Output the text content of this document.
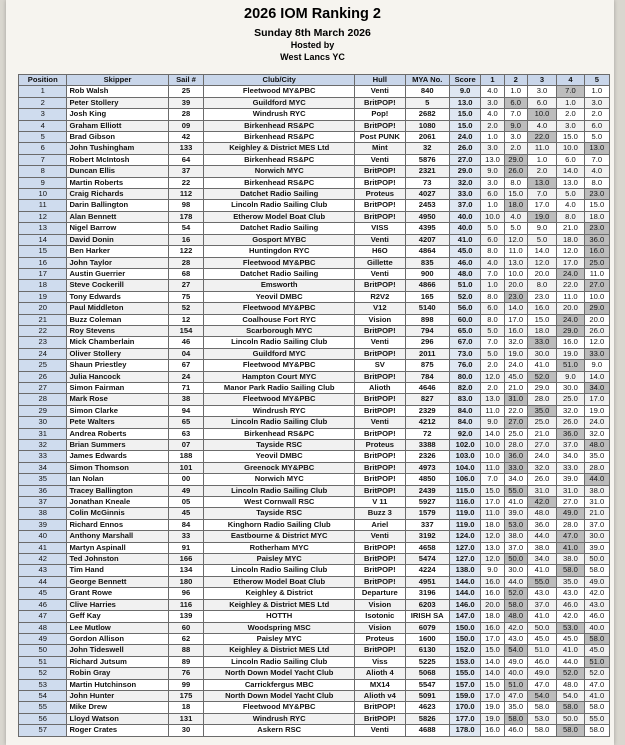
2026 IOM Ranking 2
Sunday 8th March 2026
Hosted by
West Lancs YC
Position	Skipper	Sail #	Club/City	Hull	MYA No.	Score	1	2	3	4	5
1	Rob Walsh	25	Fleetwood MY&PBC	Venti	840	9.0	4.0	1.0	3.0	7.0	1.0
2	Peter Stollery	39	Guildford MYC	BritPOP!	5	13.0	3.0	6.0	6.0	1.0	3.0
3	Josh King	28	Windrush RYC	Pop!	2682	15.0	4.0	7.0	10.0	2.0	2.0
4	Graham Elliott	09	Birkenhead RS&PC	BritPOP!	1080	15.0	2.0	9.0	4.0	3.0	6.0
5	Brad Gibson	42	Birkenhead RS&PC	Post PUNK	2061	24.0	1.0	3.0	22.0	15.0	5.0
6	John Tushingham	133	Keighley & District MES Ltd	Mint	32	26.0	3.0	2.0	11.0	10.0	13.0
7	Robert McIntosh	64	Birkenhead RS&PC	Venti	5876	27.0	13.0	29.0	1.0	6.0	7.0
8	Duncan Ellis	37	Norwich MYC	BritPOP!	2321	29.0	9.0	26.0	2.0	14.0	4.0
9	Martin Roberts	22	Birkenhead RS&PC	BritPOP!	73	32.0	3.0	8.0	13.0	13.0	8.0
10	Craig Richards	112	Datchet Radio Sailing	Proteus	4027	33.0	6.0	15.0	7.0	5.0	23.0
11	Darin Ballington	98	Lincoln Radio Sailing Club	BritPOP!	2453	37.0	1.0	18.0	17.0	4.0	15.0
12	Alan Bennett	178	Etherow Model Boat Club	BritPOP!	4950	40.0	10.0	4.0	19.0	8.0	18.0
13	Nigel Barrow	54	Datchet Radio Sailing	VISS	4395	40.0	5.0	5.0	9.0	21.0	23.0
14	David Donin	16	Gosport MYBC	Venti	4207	41.0	6.0	12.0	5.0	18.0	36.0
15	Ben Harker	122	Huntingdon RYC	H6O	4864	45.0	8.0	11.0	14.0	12.0	16.0
16	John Taylor	28	Fleetwood MY&PBC	Gillette	835	46.0	4.0	13.0	12.0	17.0	25.0
17	Austin Guerrier	68	Datchet Radio Sailing	Venti	900	48.0	7.0	10.0	20.0	24.0	11.0
18	Steve Cockerill	27	Emsworth	BritPOP!	4866	51.0	1.0	20.0	8.0	22.0	27.0
19	Tony Edwards	75	Yeovil DMBC	R2V2	165	52.0	8.0	23.0	23.0	11.0	10.0
20	Paul Middleton	52	Fleetwood MY&PBC	V12	5140	56.0	6.0	14.0	16.0	20.0	29.0
21	Buzz Coleman	12	Coalhouse Fort RYC	Vision	898	60.0	8.0	17.0	15.0	24.0	20.0
22	Roy Stevens	154	Scarborough MYC	BritPOP!	794	65.0	5.0	16.0	18.0	29.0	26.0
23	Mick Chamberlain	46	Lincoln Radio Sailing Club	Venti	296	67.0	7.0	32.0	33.0	16.0	12.0
24	Oliver Stollery	04	Guildford MYC	BritPOP!	2011	73.0	5.0	19.0	30.0	19.0	33.0
25	Shaun Priestley	67	Fleetwood MY&PBC	SV	875	76.0	2.0	24.0	41.0	51.0	9.0
26	Julia Hancock	24	Hampton Court MYC	BritPOP!	784	80.0	12.0	45.0	52.0	9.0	14.0
27	Simon Fairman	71	Manor Park Radio Sailing Club	Alioth	4646	82.0	2.0	21.0	29.0	30.0	34.0
28	Mark Rose	38	Fleetwood MY&PBC	BritPOP!	827	83.0	13.0	31.0	28.0	25.0	17.0
29	Simon Clarke	94	Windrush RYC	BritPOP!	2329	84.0	11.0	22.0	35.0	32.0	19.0
30	Pete Walters	65	Lincoln Radio Sailing Club	Venti	4212	84.0	9.0	27.0	25.0	26.0	24.0
31	Andrea Roberts	63	Birkenhead RS&PC	BritPOP!	72	92.0	14.0	25.0	21.0	36.0	32.0
32	Brian Summers	07	Tayside RSC	Proteus	3388	102.0	10.0	28.0	27.0	37.0	48.0
33	James Edwards	188	Yeovil DMBC	BritPOP!	2326	103.0	10.0	36.0	24.0	34.0	35.0
34	Simon Thomson	101	Greenock MY&PBC	BritPOP!	4973	104.0	11.0	33.0	32.0	33.0	28.0
35	Ian Nolan	00	Norwich MYC	BritPOP!	4850	106.0	7.0	34.0	26.0	39.0	44.0
36	Tracey Ballington	49	Lincoln Radio Sailing Club	BritPOP!	2439	115.0	15.0	55.0	31.0	31.0	38.0
37	Jonathan Kneale	05	West Cornwall RSC	V 11	5927	116.0	17.0	41.0	42.0	27.0	31.0
38	Colin McGinnis	45	Tayside RSC	Buzz 3	1579	119.0	11.0	39.0	48.0	49.0	21.0
39	Richard Ennos	84	Kinghorn Radio Sailing Club	Ariel	337	119.0	18.0	53.0	36.0	28.0	37.0
40	Anthony Marshall	33	Eastbourne & District MYC	Venti	3192	124.0	12.0	38.0	44.0	47.0	30.0
41	Martyn Aspinall	91	Rotherham MYC	BritPOP!	4658	127.0	13.0	37.0	38.0	41.0	39.0
42	Ted Johnston	166	Paisley MYC	BritPOP!	5474	127.0	12.0	50.0	34.0	38.0	50.0
43	Tim Hand	134	Lincoln Radio Sailing Club	BritPOP!	4224	138.0	9.0	30.0	41.0	58.0	58.0
44	George Bennett	180	Etherow Model Boat Club	BritPOP!	4951	144.0	16.0	44.0	55.0	35.0	49.0
45	Grant Rowe	96	Keighley & District	Departure	3196	144.0	16.0	52.0	43.0	43.0	42.0
46	Clive Harries	116	Keighley & District MES Ltd	Vision	6203	146.0	20.0	58.0	37.0	46.0	43.0
47	Geff Kay	139	HOTTH	Isotonic	IRISH SA	147.0	18.0	48.0	41.0	42.0	46.0
48	Lee Mutlow	60	Woodspring MSC	Vision	6079	150.0	16.0	42.0	50.0	53.0	40.0
49	Gordon Allison	62	Paisley MYC	Proteus	1600	150.0	17.0	43.0	45.0	45.0	58.0
50	John Tideswell	88	Keighley & District MES Ltd	BritPOP!	6130	152.0	15.0	54.0	51.0	41.0	45.0
51	Richard Jutsum	89	Lincoln Radio Sailing Club	Viss	5225	153.0	14.0	49.0	46.0	44.0	51.0
52	Robin Gray	76	North Down Model Yacht Club	Alioth 4	5068	155.0	14.0	40.0	49.0	52.0	52.0
53	Martin Hutchinson	99	Carrickfergus MBC	MX14	5547	157.0	15.0	51.0	47.0	48.0	47.0
54	John Hunter	175	North Down Model Yacht Club	Alioth v4	5091	159.0	17.0	47.0	54.0	54.0	41.0
55	Mike Drew	18	Fleetwood MY&PBC	BritPOP!	4623	170.0	19.0	35.0	58.0	58.0	58.0
56	Lloyd Watson	131	Windrush RYC	BritPOP!	5826	177.0	19.0	58.0	53.0	50.0	55.0
57	Roger Crates	30	Askern RSC	Venti	4688	178.0	16.0	46.0	58.0	58.0	58.0
